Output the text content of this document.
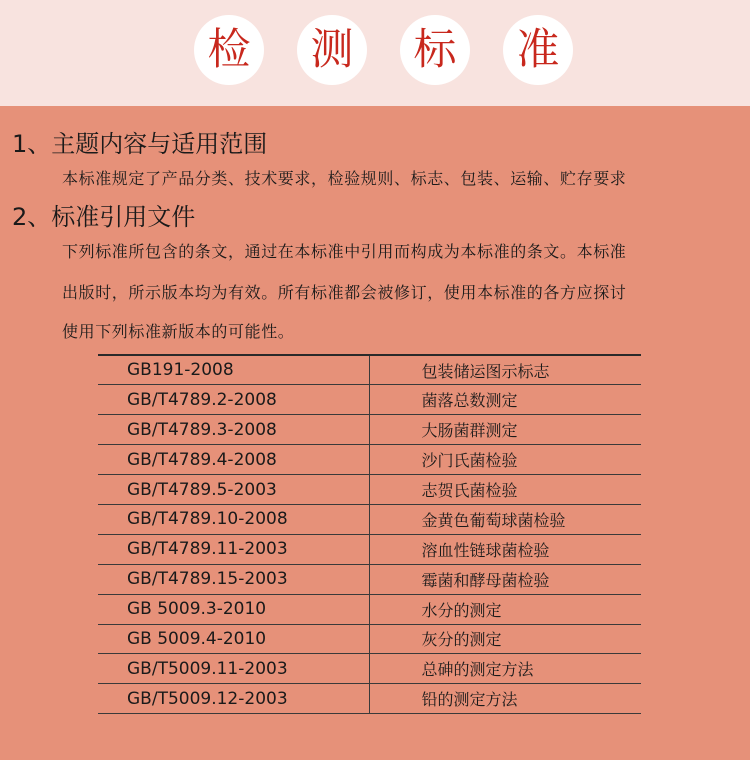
检 测 标 准
1、主题内容与适用范围
本标准规定了产品分类、技术要求，检验规则、标志、包装、运输、贮存要求
2、标准引用文件
下列标准所包含的条文，通过在本标准中引用而构成为本标准的条文。本标准
出版时，所示版本均为有效。所有标准都会被修订，使用本标准的各方应探讨
使用下列标准新版本的可能性。
GB191-2008	包装储运图示标志
GB/T4789.2-2008	菌落总数测定
GB/T4789.3-2008	大肠菌群测定
GB/T4789.4-2008	沙门氏菌检验
GB/T4789.5-2003	志贺氏菌检验
GB/T4789.10-2008	金黄色葡萄球菌检验
GB/T4789.11-2003	溶血性链球菌检验
GB/T4789.15-2003	霉菌和酵母菌检验
GB 5009.3-2010	水分的测定
GB 5009.4-2010	灰分的测定
GB/T5009.11-2003	总砷的测定方法
GB/T5009.12-2003	铅的测定方法
